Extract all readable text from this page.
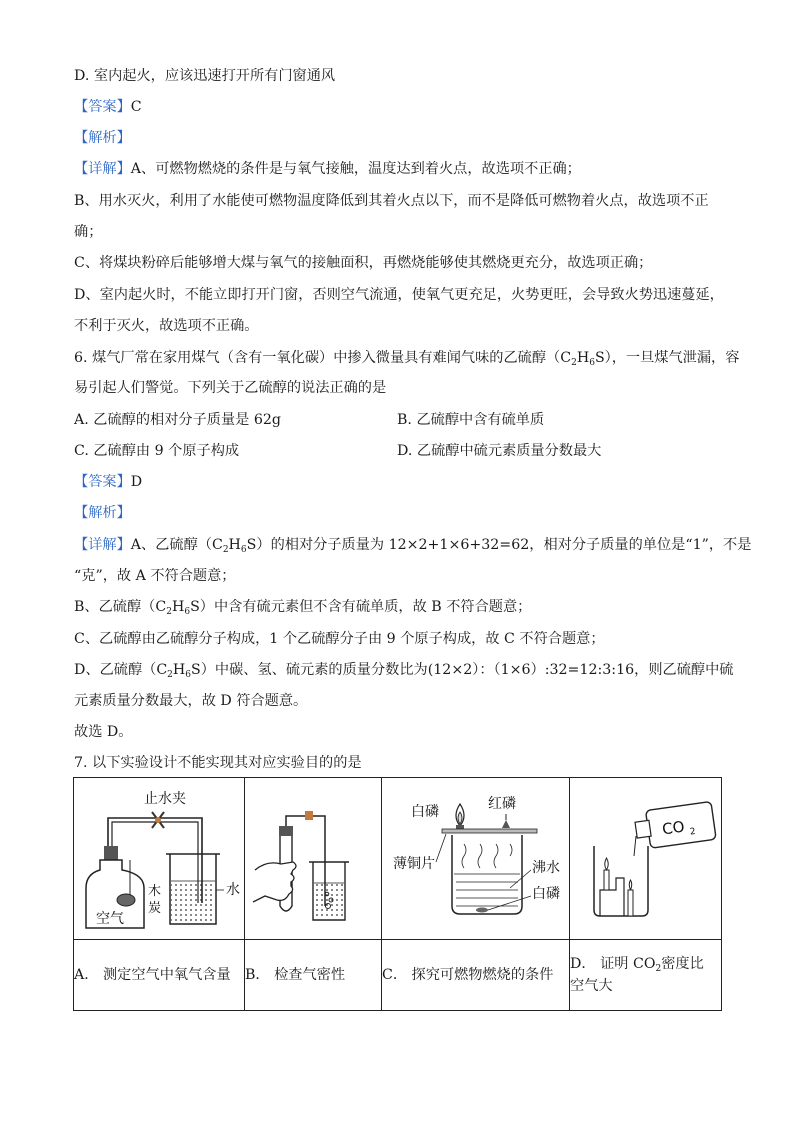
D. 室内起火，应该迅速打开所有门窗通风
【答案】C
【解析】
【详解】A、可燃物燃烧的条件是与氧气接触，温度达到着火点，故选项不正确；
B、用水灭火，利用了水能使可燃物温度降低到其着火点以下，而不是降低可燃物着火点，故选项不正
确；
C、将煤块粉碎后能够增大煤与氧气的接触面积，再燃烧能够使其燃烧更充分，故选项正确；
D、室内起火时，不能立即打开门窗，否则空气流通，使氧气更充足，火势更旺，会导致火势迅速蔓延，
不利于灭火，故选项不正确。
6. 煤气厂常在家用煤气（含有一氧化碳）中掺入微量具有难闻气味的乙硫醇$(C_2H_6S)$，一旦煤气泄漏，容
易引起人们警觉。下列关于乙硫醇的说法正确的是
A. 乙硫醇的相对分子质量是 62g	B. 乙硫醇中含有硫单质
C. 乙硫醇由 9 个原子构成	D. 乙硫醇中硫元素质量分数最大
【答案】D
【解析】
【详解】A、乙硫醇$(C_2H_6S)$的相对分子质量为 12×2+1×6+32=62，相对分子质量的单位是“1”，不是
“克”，故 A 不符合题意；
B、乙硫醇$(C_2H_6S)$中含有硫元素但不含有硫单质，故 B 不符合题意；
C、乙硫醇由乙硫醇分子构成，1 个乙硫醇分子由 9 个原子构成，故 C 不符合题意；
D、乙硫醇$(C_2H_6S)$中碳、氢、硫元素的质量分数比为(12×2）：（1×6）:32=12:3:16，则乙硫醇中硫
元素质量分数最大，故 D 符合题意。
故选 D。
7. 以下实验设计不能实现其对应实验目的的是
止水夹
空气
木
炭
水		白磷 红磷
薄铜片 沸水
白磷	CO 2

A． 测定空气中氧气含量	B． 检查气密性	C． 探究可燃物燃烧的条件	D． 证明 $CO_2$密度比
空气大
